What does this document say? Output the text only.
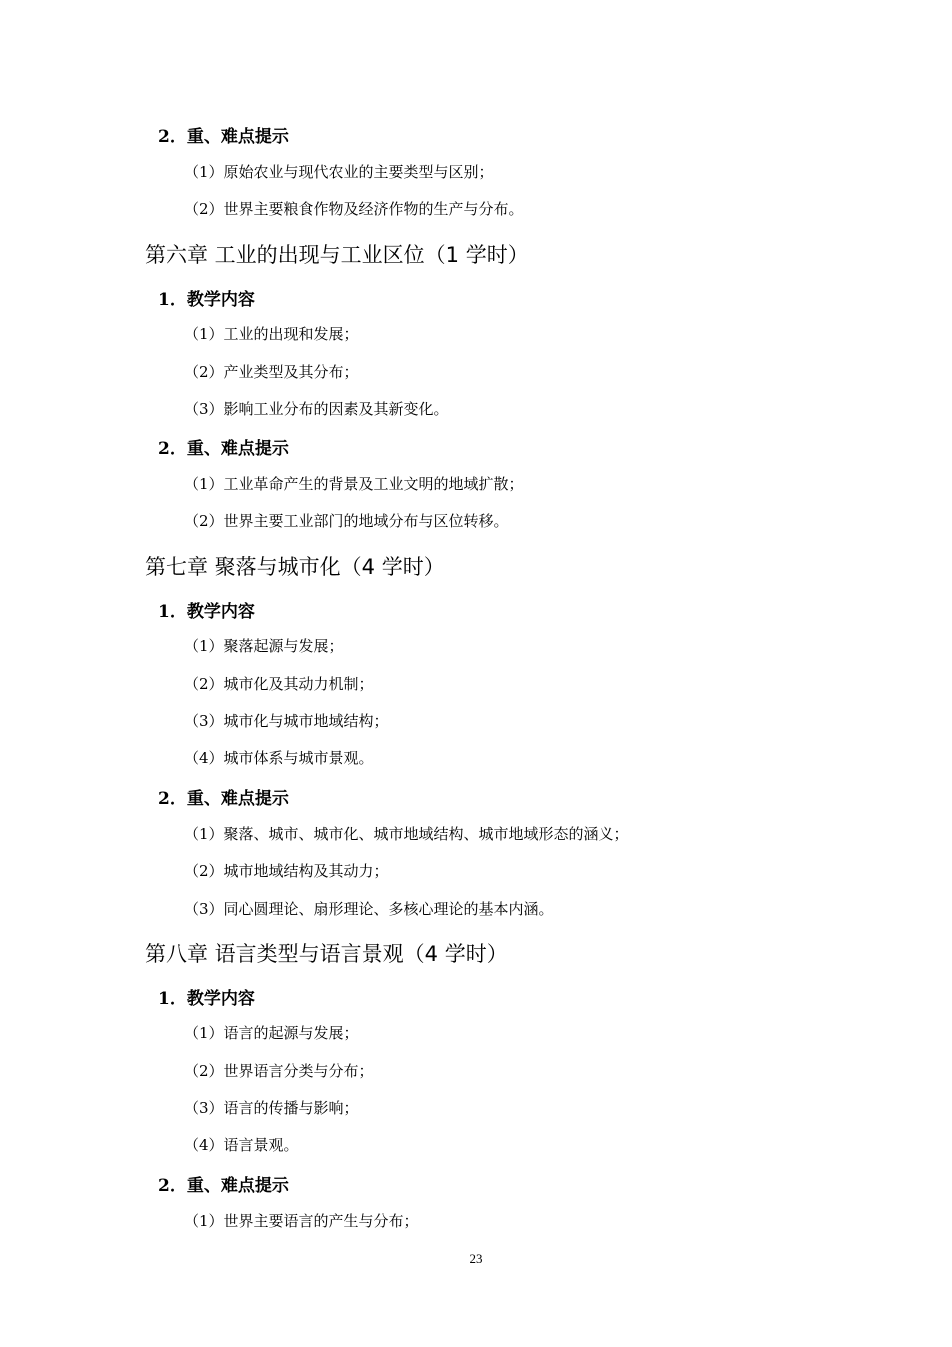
2．重、难点提示
（1）原始农业与现代农业的主要类型与区别；
（2）世界主要粮食作物及经济作物的生产与分布。
第六章 工业的出现与工业区位（1 学时）
1．教学内容
（1）工业的出现和发展；
（2）产业类型及其分布；
（3）影响工业分布的因素及其新变化。
2．重、难点提示
（1）工业革命产生的背景及工业文明的地域扩散；
（2）世界主要工业部门的地域分布与区位转移。
第七章 聚落与城市化（4 学时）
1．教学内容
（1）聚落起源与发展；
（2）城市化及其动力机制；
（3）城市化与城市地域结构；
（4）城市体系与城市景观。
2．重、难点提示
（1）聚落、城市、城市化、城市地域结构、城市地域形态的涵义；
（2）城市地域结构及其动力；
（3）同心圆理论、扇形理论、多核心理论的基本内涵。
第八章 语言类型与语言景观（4 学时）
1．教学内容
（1）语言的起源与发展；
（2）世界语言分类与分布；
（3）语言的传播与影响；
（4）语言景观。
2．重、难点提示
（1）世界主要语言的产生与分布；
23
